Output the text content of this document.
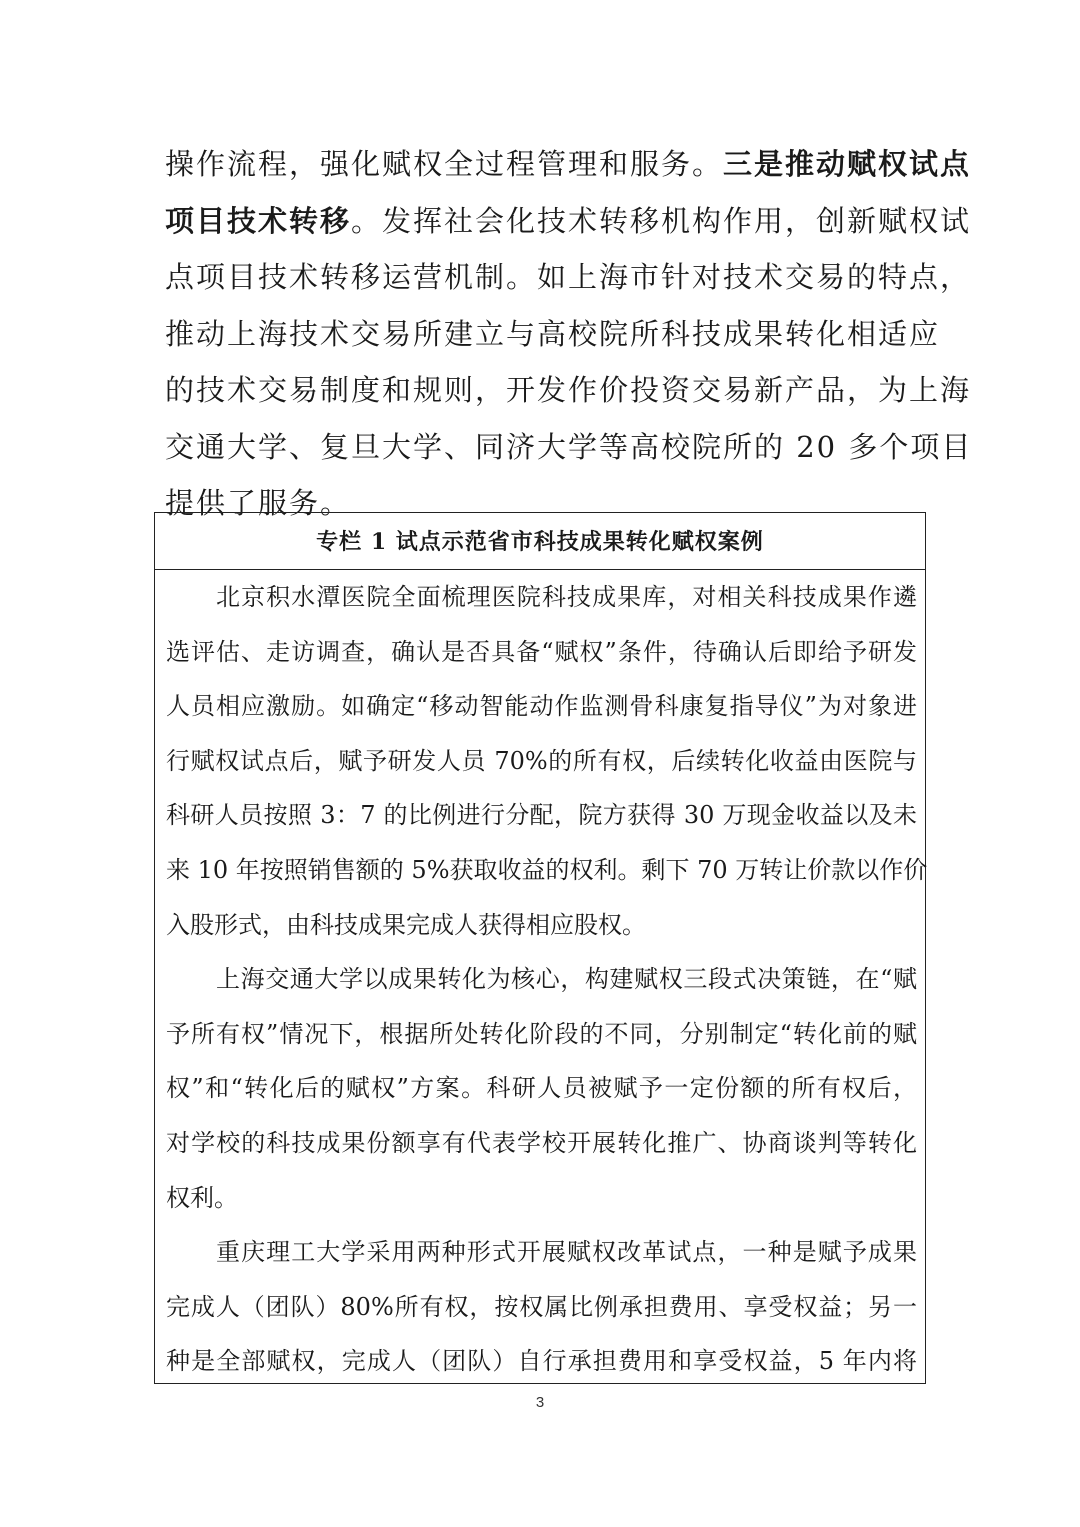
操作流程，强化赋权全过程管理和服务。三是推动赋权试点
项目技术转移。发挥社会化技术转移机构作用，创新赋权试
点项目技术转移运营机制。如上海市针对技术交易的特点，
推动上海技术交易所建立与高校院所科技成果转化相适应
的技术交易制度和规则，开发作价投资交易新产品，为上海
交通大学、复旦大学、同济大学等高校院所的 20 多个项目
提供了服务。
专栏 1 试点示范省市科技成果转化赋权案例
北京积水潭医院全面梳理医院科技成果库，对相关科技成果作遴
选评估、走访调查，确认是否具备“赋权”条件，待确认后即给予研发
人员相应激励。如确定“移动智能动作监测骨科康复指导仪”为对象进
行赋权试点后，赋予研发人员 70%的所有权，后续转化收益由医院与
科研人员按照 3：7 的比例进行分配，院方获得 30 万现金收益以及未
来 10 年按照销售额的 5%获取收益的权利。剩下 70 万转让价款以作价
入股形式，由科技成果完成人获得相应股权。
上海交通大学以成果转化为核心，构建赋权三段式决策链，在“赋
予所有权”情况下，根据所处转化阶段的不同，分别制定“转化前的赋
权”和“转化后的赋权”方案。科研人员被赋予一定份额的所有权后，
对学校的科技成果份额享有代表学校开展转化推广、协商谈判等转化
权利。
重庆理工大学采用两种形式开展赋权改革试点，一种是赋予成果
完成人（团队）80%所有权，按权属比例承担费用、享受权益；另一
种是全部赋权，完成人（团队）自行承担费用和享受权益，5 年内将
3
